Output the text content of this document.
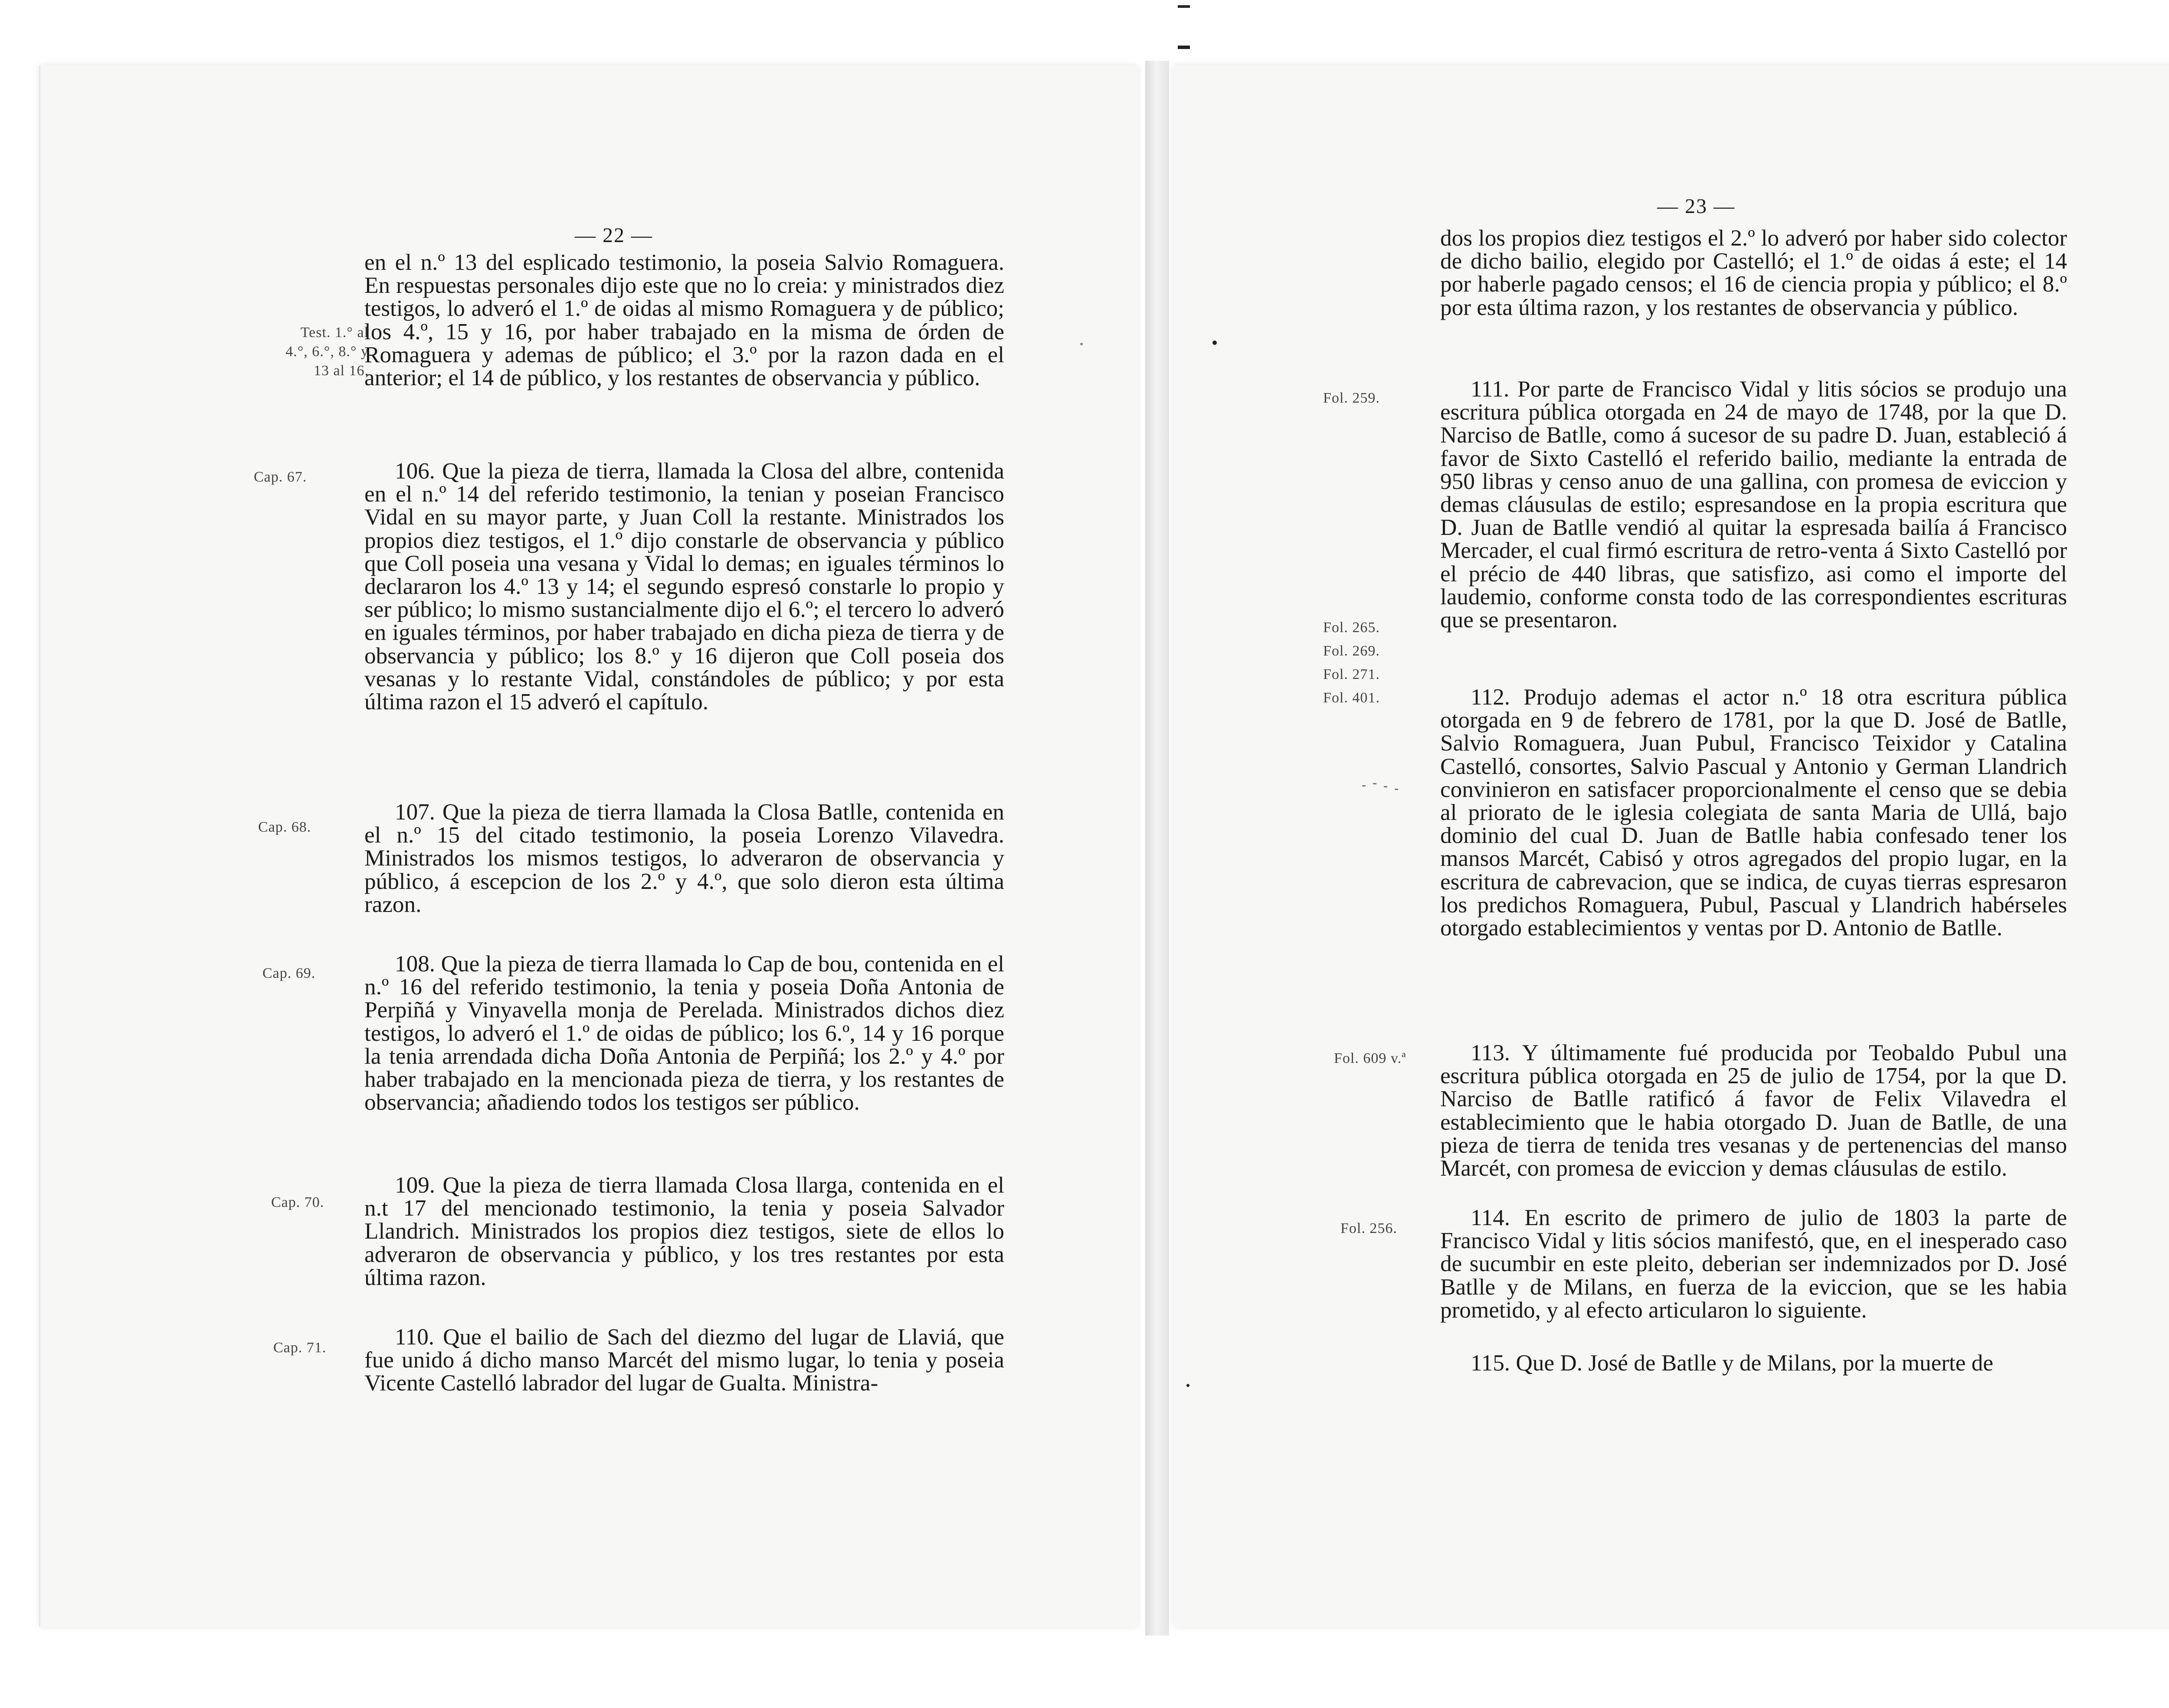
— 22 —
Test. 1.° al
4.°, 6.°, 8.° y
13 al 16.
Cap. 67.
Cap. 68.
Cap. 69.
Cap. 70.
Cap. 71.
en el n.º 13 del esplicado testimonio, la poseia Salvio Romaguera. En respuestas personales dijo este que no lo creia: y ministrados diez testigos, lo adveró el 1.º de oidas al mismo Romaguera y de público; los 4.º, 15 y 16, por haber trabajado en la misma de órden de Romaguera y ademas de público; el 3.º por la razon dada en el anterior; el 14 de público, y los restantes de observancia y público.
106. Que la pieza de tierra, llamada la Closa del albre, contenida en el n.º 14 del referido testimonio, la tenian y poseian Francisco Vidal en su mayor parte, y Juan Coll la restante. Ministrados los propios diez testigos, el 1.º dijo constarle de observancia y público que Coll poseia una vesana y Vidal lo demas; en iguales términos lo declararon los 4.º 13 y 14; el segundo espresó constarle lo propio y ser público; lo mismo sustancialmente dijo el 6.º; el tercero lo adveró en iguales términos, por haber trabajado en dicha pieza de tierra y de observancia y público; los 8.º y 16 dijeron que Coll poseia dos vesanas y lo restante Vidal, constándoles de público; y por esta última razon el 15 adveró el capítulo.
107. Que la pieza de tierra llamada la Closa Batlle, contenida en el n.º 15 del citado testimonio, la poseia Lorenzo Vilavedra. Ministrados los mismos testigos, lo adveraron de observancia y público, á escepcion de los 2.º y 4.º, que solo dieron esta última razon.
108. Que la pieza de tierra llamada lo Cap de bou, contenida en el n.º 16 del referido testimonio, la tenia y poseia Doña Antonia de Perpiñá y Vinyavella monja de Perelada. Ministrados dichos diez testigos, lo adveró el 1.º de oidas de público; los 6.º, 14 y 16 porque la tenia arrendada dicha Doña Antonia de Perpiñá; los 2.º y 4.º por haber trabajado en la mencionada pieza de tierra, y los restantes de observancia; añadiendo todos los testigos ser público.
109. Que la pieza de tierra llamada Closa llarga, contenida en el n.t 17 del mencionado testimonio, la tenia y poseia Salvador Llandrich. Ministrados los propios diez testigos, siete de ellos lo adveraron de observancia y público, y los tres restantes por esta última razon.
110. Que el bailio de Sach del diezmo del lugar de Llaviá, que fue unido á dicho manso Marcét del mismo lugar, lo tenia y poseia Vicente Castelló labrador del lugar de Gualta. Ministra-
— 23 —
Fol. 259.
Fol. 265.
Fol. 269.
Fol. 271.
Fol. 401.
Fol. 609 v.ª
Fol. 256.
dos los propios diez testigos el 2.º lo adveró por haber sido colector de dicho bailio, elegido por Castelló; el 1.º de oidas á este; el 14 por haberle pagado censos; el 16 de ciencia propia y público; el 8.º por esta última razon, y los restantes de observancia y público.
111. Por parte de Francisco Vidal y litis sócios se produjo una escritura pública otorgada en 24 de mayo de 1748, por la que D. Narciso de Batlle, como á sucesor de su padre D. Juan, estableció á favor de Sixto Castelló el referido bailio, mediante la entrada de 950 libras y censo anuo de una gallina, con promesa de eviccion y demas cláusulas de estilo; espresandose en la propia escritura que D. Juan de Batlle vendió al quitar la espresada bailía á Francisco Mercader, el cual firmó escritura de retro-venta á Sixto Castelló por el précio de 440 libras, que satisfizo, asi como el importe del laudemio, conforme consta todo de las correspondientes escrituras que se presentaron.
112. Produjo ademas el actor n.º 18 otra escritura pública otorgada en 9 de febrero de 1781, por la que D. José de Batlle, Salvio Romaguera, Juan Pubul, Francisco Teixidor y Catalina Castelló, consortes, Salvio Pascual y Antonio y German Llandrich convinieron en satisfacer proporcionalmente el censo que se debia al priorato de le iglesia colegiata de santa Maria de Ullá, bajo dominio del cual D. Juan de Batlle habia confesado tener los mansos Marcét, Cabisó y otros agregados del propio lugar, en la escritura de cabrevacion, que se indica, de cuyas tierras espresaron los predichos Romaguera, Pubul, Pascual y Llandrich habérseles otorgado establecimientos y ventas por D. Antonio de Batlle.
113. Y últimamente fué producida por Teobaldo Pubul una escritura pública otorgada en 25 de julio de 1754, por la que D. Narciso de Batlle ratificó á favor de Felix Vilavedra el establecimiento que le habia otorgado D. Juan de Batlle, de una pieza de tierra de tenida tres vesanas y de pertenencias del manso Marcét, con promesa de eviccion y demas cláusulas de estilo.
114. En escrito de primero de julio de 1803 la parte de Francisco Vidal y litis sócios manifestó, que, en el inesperado caso de sucumbir en este pleito, deberian ser indemnizados por D. José Batlle y de Milans, en fuerza de la eviccion, que se les habia prometido, y al efecto articularon lo siguiente.
115. Que D. José de Batlle y de Milans, por la muerte de
